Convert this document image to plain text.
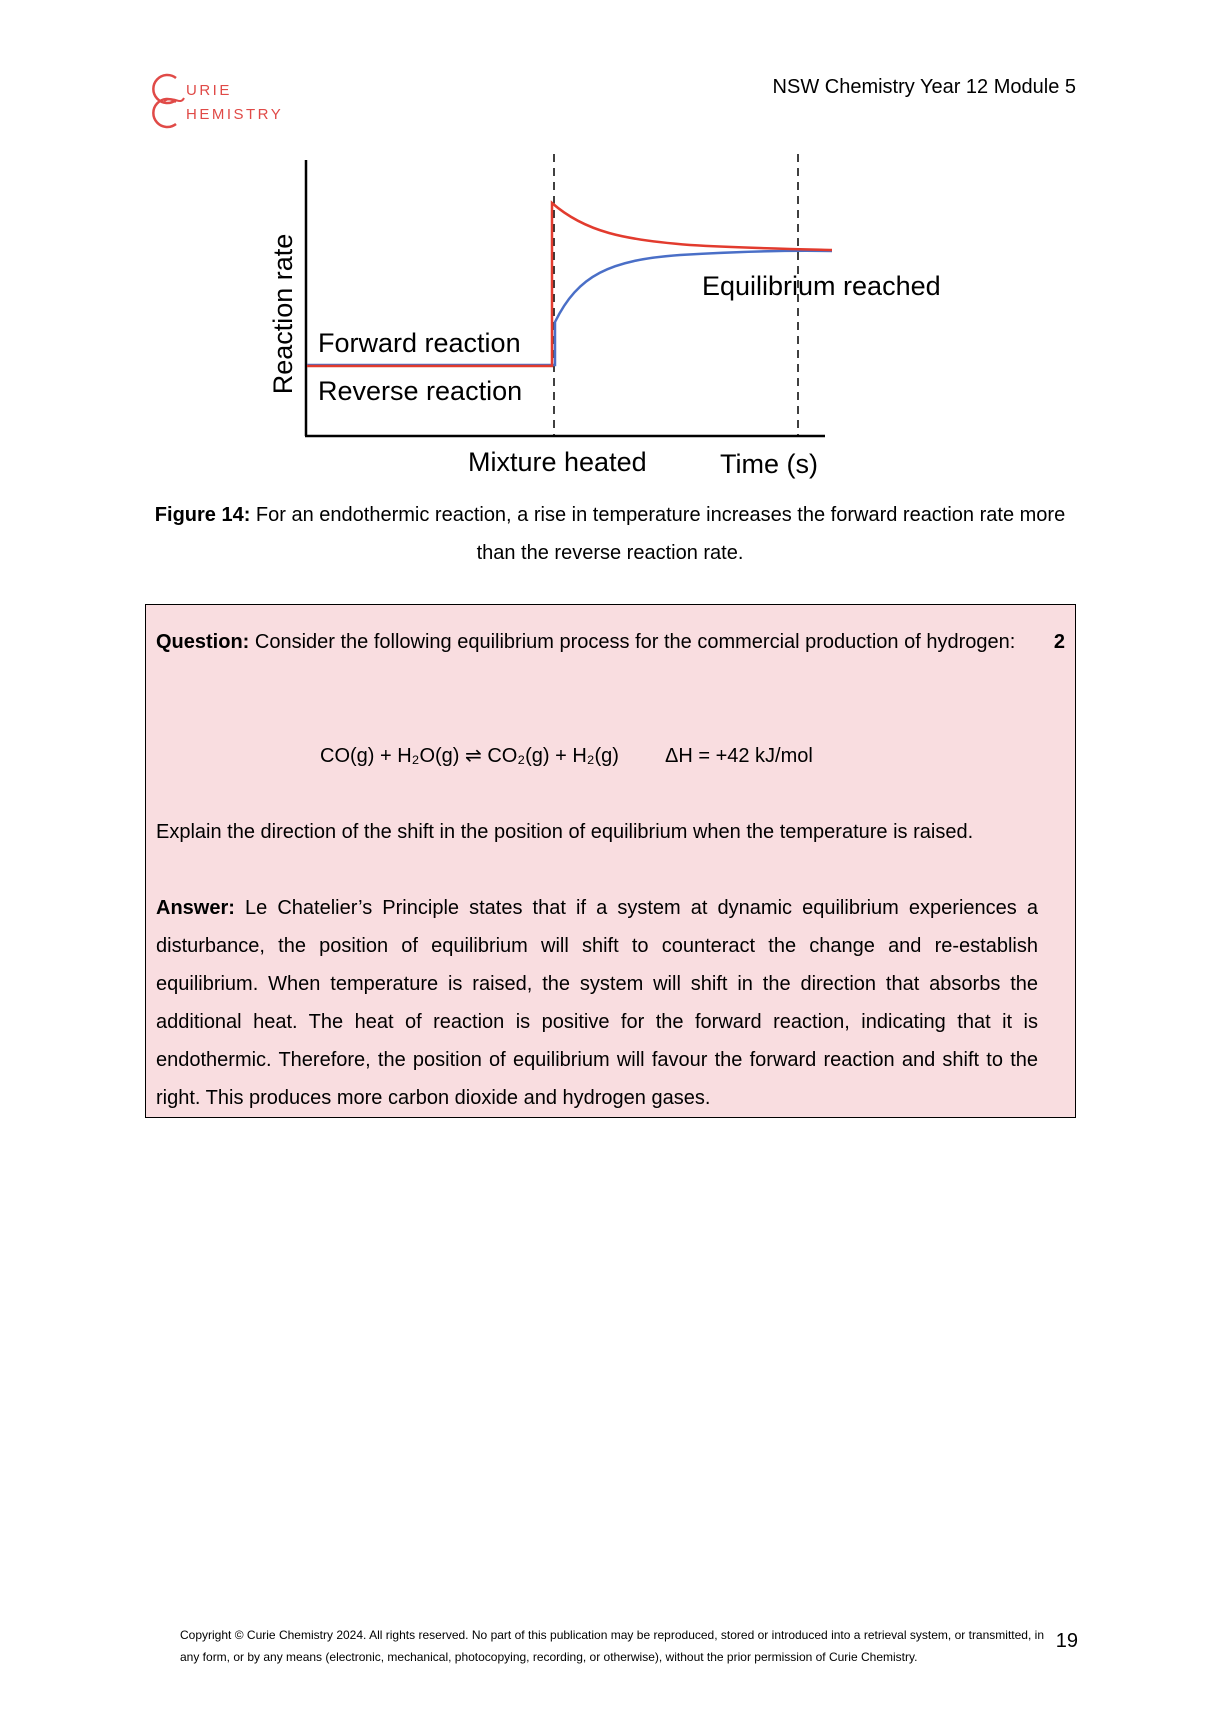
URIE
HEMISTRY
NSW Chemistry Year 12 Module 5
Reaction rate Forward reaction
Reverse reaction
Equilibrium reached
Mixture heated	Time (s)
Figure 14: For an endothermic reaction, a rise in temperature increases the forward reaction rate more than the reverse reaction rate.
Question: Consider the following equilibrium process for the commercial production of hydrogen:	2
CO(g) + H₂O(g) ⇌ CO₂(g) + H₂(g) ΔH = +42 kJ/mol
Explain the direction of the shift in the position of equilibrium when the temperature is raised.
Answer: Le Chatelier’s Principle states that if a system at dynamic equilibrium experiences a disturbance, the position of equilibrium will shift to counteract the change and re-establish equilibrium. When temperature is raised, the system will shift in the direction that absorbs the additional heat. The heat of reaction is positive for the forward reaction, indicating that it is endothermic. Therefore, the position of equilibrium will favour the forward reaction and shift to the right. This produces more carbon dioxide and hydrogen gases.
Copyright © Curie Chemistry 2024. All rights reserved. No part of this publication may be reproduced, stored or introduced into a retrieval system, or transmitted, in any form, or by any means (electronic, mechanical, photocopying, recording, or otherwise), without the prior permission of Curie Chemistry.
19
